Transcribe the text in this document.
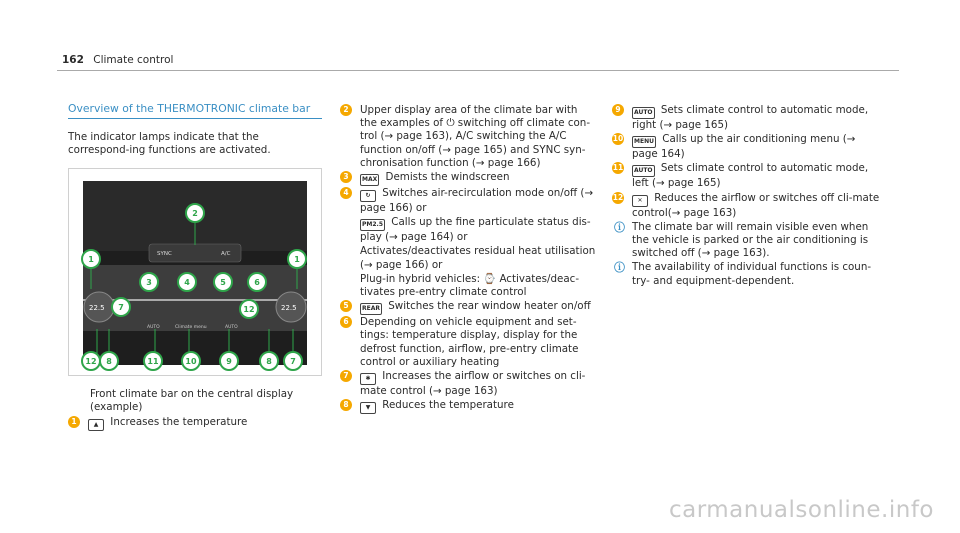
162 Climate control
Overview of the THERMOTRONIC climate bar
The indicator lamps indicate that the correspond-ing functions are activated.
SYNC	A/C
22.5	22.5
AUTO	Climate menu	AUTO
2
1
3	4	5	6
1
7	12
12 8	11	10	9	8 7
Front climate bar on the central display (example)
1	▲ Increases the temperature
2	Upper display area of the climate bar with the examples of ⏻ switching off climate con-trol (→ page 163), A/C switching the A/C function on/off (→ page 165) and SYNC syn-chronisation function (→ page 166)
3	MAX Demists the windscreen
4	↻ Switches air-recirculation mode on/off (→ page 166) or
PM2.5 Calls up the fine particulate status dis-play (→ page 164) or
Activates/deactivates residual heat utilisation (→ page 166) or
Plug-in hybrid vehicles: ⌚ Activates/deac-tivates pre-entry climate control
5	REAR Switches the rear window heater on/off
6	Depending on vehicle equipment and set-tings: temperature display, display for the defrost function, airflow, pre-entry climate control or auxiliary heating
7	✱ Increases the airflow or switches on cli-mate control (→ page 163)
8	▼ Reduces the temperature
9	AUTO Sets climate control to automatic mode, right (→ page 165)
10 MENU Calls up the air conditioning menu (→ page 164)
11 AUTO Sets climate control to automatic mode, left (→ page 165)
12 ✕ Reduces the airflow or switches off cli-mate control(→ page 163)
ⓘ The climate bar will remain visible even when the vehicle is parked or the air conditioning is switched off (→ page 163).
ⓘ The availability of individual functions is coun-try- and equipment-dependent.
carmanualsonline.info
